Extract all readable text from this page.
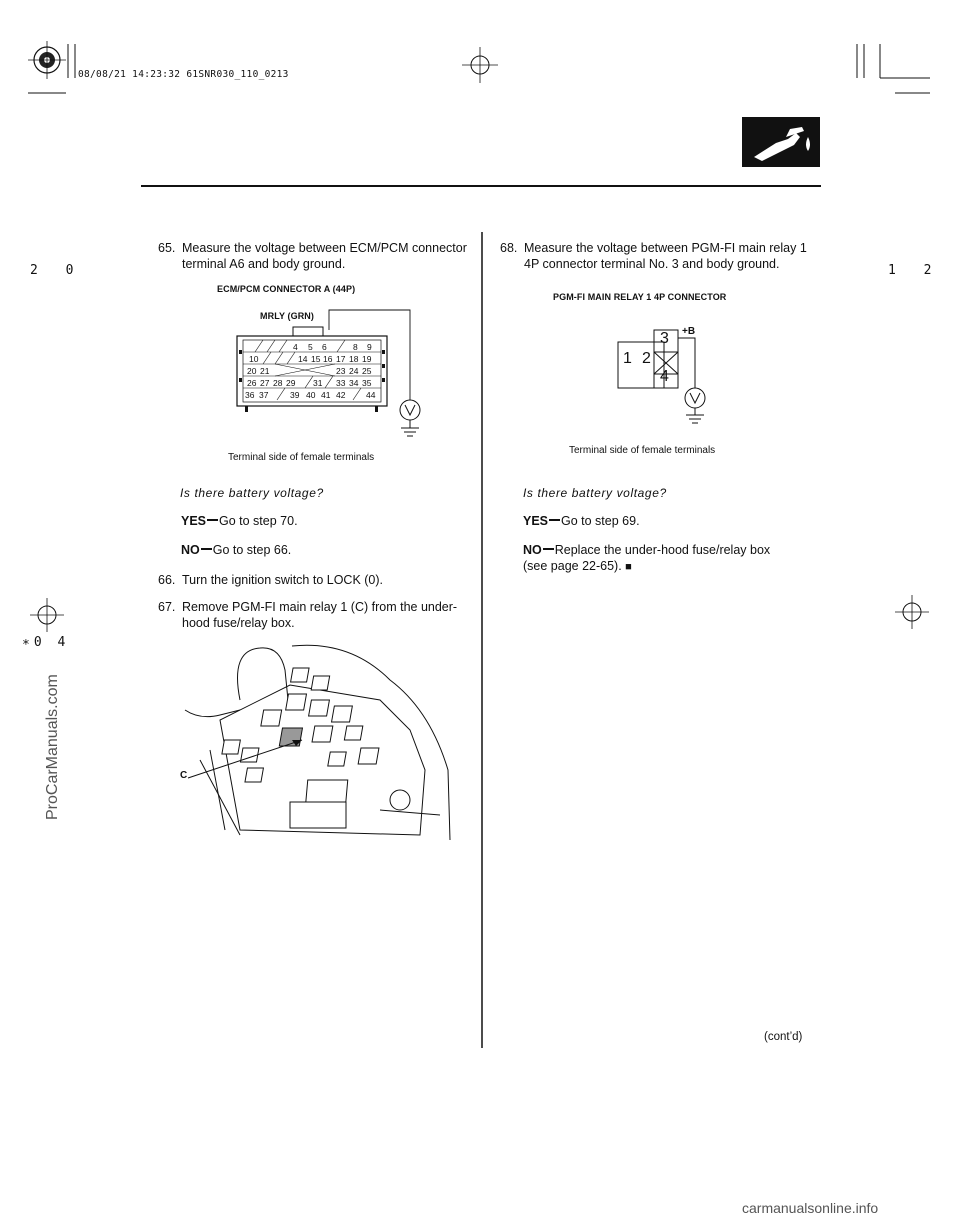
08/08/21 14:23:32 61SNR030_110_0213
2 0
∗0 4
1 2
65. Measure the voltage between ECM/PCM connector
terminal A6 and body ground.
ECM/PCM CONNECTOR A (44P)
MRLY (GRN)
4 5 6	8 9
10	14 15 16 17 18 19
20 21	23 24 25
26 27 28 29 31 33 34 35
36 37	39 40 41 42 44
Terminal side of female terminals
Is there battery voltage?
YES Go to step 70.
NO Go to step 66.
66. Turn the ignition switch to LOCK (0).
67. Remove PGM-FI main relay 1 (C) from the under-
hood fuse/relay box.
C
68. Measure the voltage between PGM-FI main relay 1
4P connector terminal No. 3 and body ground.
PGM-FI MAIN RELAY 1 4P CONNECTOR
1 2
3
4
+B
Terminal side of female terminals
Is there battery voltage?
YES Go to step 69.
NO Replace the under-hood fuse/relay box
(see page 22-65). ■
(cont’d)
ProCarManuals.com
carmanualsonline.info
